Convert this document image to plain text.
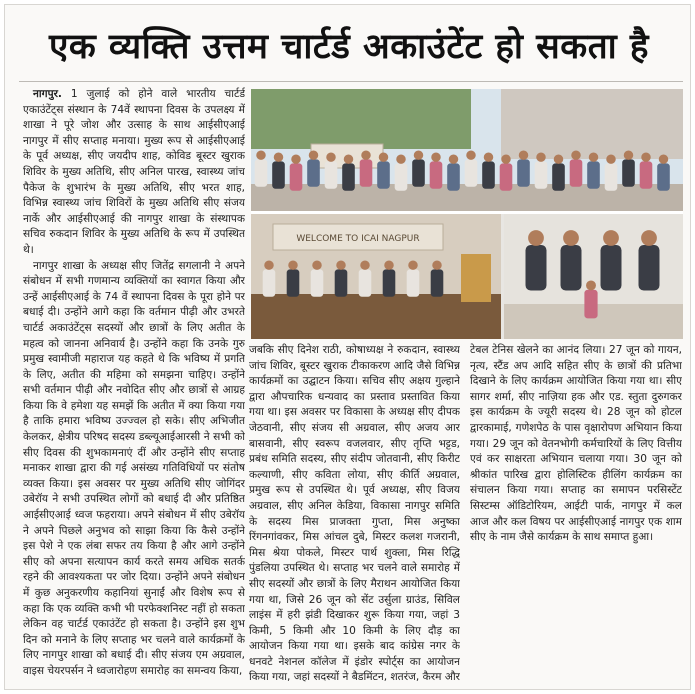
एक व्यक्ति उत्तम चार्टर्ड अकाउंटेंट हो सकता है

नागपुर. 1 जुलाई को होने वाले भारतीय चार्टर्ड एकाउंटेंट्स संस्थान के 74वें स्थापना दिवस के उपलक्ष्य में शाखा ने पूरे जोश और उत्साह के साथ आईसीएआई नागपुर में सीए सप्ताह मनाया। मुख्य रूप से आईसीएआई के पूर्व अध्यक्ष, सीए जयदीप शाह, कोविड बूस्टर खुराक शिविर के मुख्य अतिथि, सीए अनिल पारख, स्वास्थ्य जांच पैकेज के शुभारंभ के मुख्य अतिथि, सीए भरत शाह, विभिन्न स्वास्थ्य जांच शिविरों के मुख्य अतिथि सीए संजय नार्के और आईसीएआई की नागपुर शाखा के संस्थापक सचिव रुकदान शिविर के मुख्य अतिथि के रूप में उपस्थित थे।

नागपुर शाखा के अध्यक्ष सीए जितेंद्र सगलानी ने अपने संबोधन में सभी गणमान्य व्यक्तियों का स्वागत किया और उन्हें आईसीएआई के 74 वें स्थापना दिवस के पूरा होने पर बधाई दी। उन्होंने आगे कहा कि वर्तमान पीढ़ी और उभरते चार्टर्ड अकाउंटेंट्स सदस्यों और छात्रों के लिए अतीत के महत्व को जानना अनिवार्य है। उन्होंने कहा कि उनके गुरु प्रमुख स्वामीजी महाराज यह कहते थे कि भविष्य में प्रगति के लिए, अतीत की महिमा को समझना चाहिए। उन्होंने सभी वर्तमान पीढ़ी और नवोदित सीए और छात्रों से आग्रह किया कि वे हमेशा यह समझें कि अतीत में क्या किया गया है ताकि हमारा भविष्य उज्ज्वल हो सके। सीए अभिजीत केलकर, क्षेत्रीय परिषद सदस्य डब्ल्यूआईआरसी ने सभी को सीए दिवस की शुभकामनाएं दीं और उन्होंने सीए सप्ताह मनाकर शाखा द्वारा की गई असंख्य गतिविधियों पर संतोष व्यक्त किया। इस अवसर पर मुख्य अतिथि सीए जोगिंदर उबेरॉय ने सभी उपस्थित लोगों को बधाई दी और प्रतिष्ठित आईसीएआई ध्वज फहराया। अपने संबोधन में सीए उबेरॉय ने अपने पिछले अनुभव को साझा किया कि कैसे उन्होंने इस पेशे ने एक लंबा सफर तय किया है और आगे उन्होंने सीए को अपना सत्यापन कार्य करते समय अधिक सतर्क रहने की आवश्यकता पर जोर दिया। उन्होंने अपने संबोधन में कुछ अनुकरणीय कहानियां सुनाईं और विशेष रूप से कहा कि एक व्यक्ति कभी भी परफेक्शनिस्ट नहीं हो सकता लेकिन वह चार्टर्ड एकाउंटेंट हो सकता है। उन्होंने इस शुभ दिन को मनाने के लिए सप्ताह भर चलने वाले कार्यक्रमों के लिए नागपुर शाखा को बधाई दी। सीए संजय एम अग्रवाल, वाइस चेयरपर्सन ने ध्वजारोहण समारोह का समन्वय किया,

WELCOME TO ICAI NAGPUR

जबकि सीए दिनेश राठी, कोषाध्यक्ष ने रुकदान, स्वास्थ्य जांच शिविर, बूस्टर खुराक टीकाकरण आदि जैसे विभिन्न कार्यक्रमों का उद्घाटन किया। सचिव सीए अक्षय गुल्हाने द्वारा औपचारिक धन्यवाद का प्रस्ताव प्रस्तावित किया गया था। इस अवसर पर विकासा के अध्यक्ष सीए दीपक जेठवानी, सीए संजय सी अग्रवाल, सीए अजय आर बासवानी, सीए स्वरूप वजलवार, सीए तृप्ति भट्टड, प्रबंध समिति सदस्य, सीए संदीप जोतवानी, सीए किरीट कल्याणी, सीए कविता लोया, सीए कीर्ति अग्रवाल, प्रमुख रूप से उपस्थित थे। पूर्व अध्यक्ष, सीए विजय अग्रवाल, सीए अनिल केडिया, विकासा नागपुर समिति के सदस्य मिस प्राजक्ता गुप्ता, मिस अनुष्का रिंगनगांवकर, मिस आंचल दुबे, मिस्टर कलश गजरानी, मिस श्रेया पोकले, मिस्टर पार्थ शुक्ला, मिस रिद्धि पुंडलिया उपस्थित थे। सप्ताह भर चलने वाले समारोह में सीए सदस्यों और छात्रों के लिए मैराथन आयोजित किया गया था, जिसे 26 जून को सेंट उर्सुला ग्राउंड, सिविल लाइंस में हरी झंडी दिखाकर शुरू किया गया, जहां 3 किमी, 5 किमी और 10 किमी के लिए दौड़ का आयोजन किया गया था। इसके बाद कांग्रेस नगर के धनवटे नेशनल कॉलेज में इंडोर स्पोर्ट्स का आयोजन किया गया, जहां सदस्यों ने बैडमिंटन, शतरंज, कैरम और

टेबल टेनिस खेलने का आनंद लिया। 27 जून को गायन, नृत्य, स्टैंड अप आदि सहित सीए के छात्रों की प्रतिभा दिखाने के लिए कार्यक्रम आयोजित किया गया था। सीए सागर शर्मा, सीए नाज़िया हक और एड. स्तुता दुरुगकर इस कार्यक्रम के ज्यूरी सदस्य थे। 28 जून को होटल द्वारकामाई, गणेशपेठ के पास वृक्षारोपण अभियान किया गया। 29 जून को वेतनभोगी कर्मचारियों के लिए वित्तीय एवं कर साक्षरता अभियान चलाया गया। 30 जून को श्रीकांत पारिख द्वारा होलिस्टिक हीलिंग कार्यक्रम का संचालन किया गया। सप्ताह का समापन परसिस्टेंट सिस्टम्स ऑडिटोरियम, आईटी पार्क, नागपुर में कल आज और कल विषय पर आईसीएआई नागपुर एक शाम सीए के नाम जैसे कार्यक्रम के साथ समाप्त हुआ।
